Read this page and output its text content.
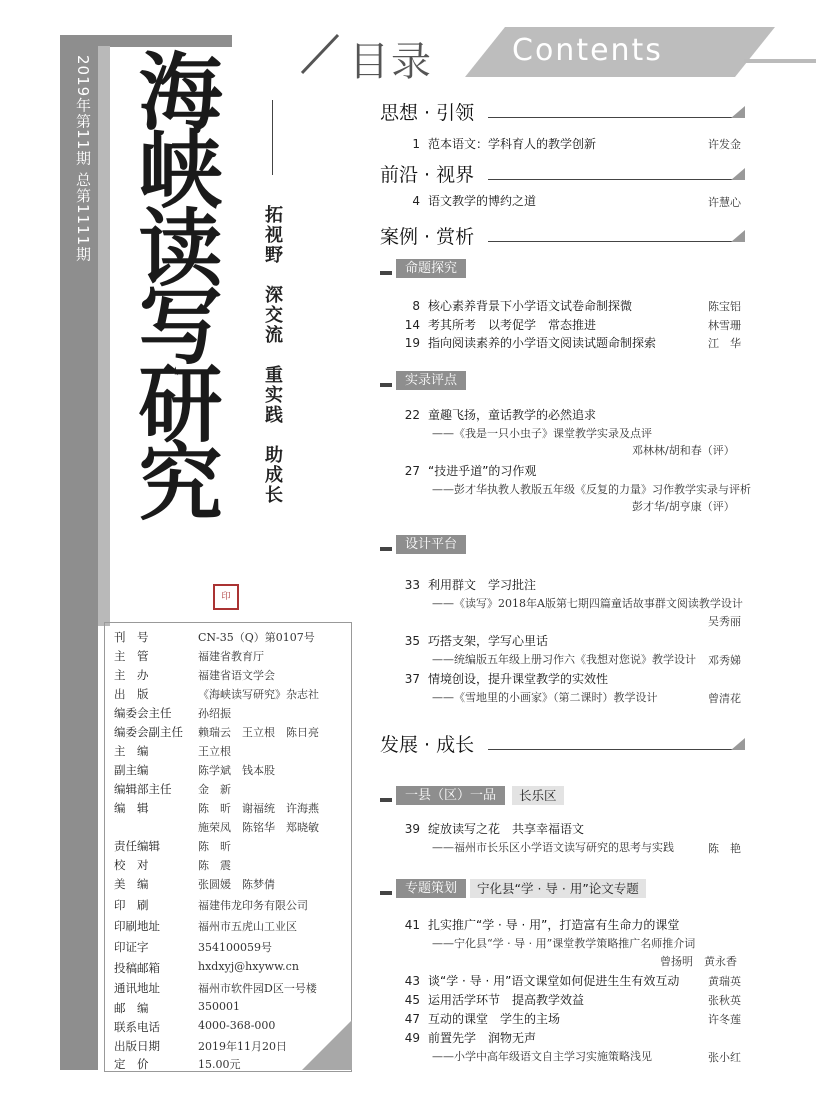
2019年第11期 总第1111期 海峡读写研究
印
拓视野　深交流　重实践　助成长
刊　号	CN-35（Q）第0107号
主　管	福建省教育厅
主　办	福建省语文学会
出　版	《海峡读写研究》杂志社
编委会主任	孙绍振
编委会副主任	赖瑞云　王立根　陈日亮
主　编	王立根
副主编	陈学斌　钱本股
编辑部主任	金　新
编　辑	陈　昕　谢福统　许海燕
施荣凤　陈铭华　郑晓敏
责任编辑	陈　昕
校　对	陈　震
美　编	张圆媛　陈梦倩
印　刷	福建伟龙印务有限公司
印刷地址	福州市五虎山工业区
印证字	354100059号
投稿邮箱	hxdxyj@hxyww.cn
通讯地址	福州市软件园D区一号楼
邮　编	350001
联系电话	4000-368-000
出版日期	2019年11月20日
定　价	15.00元
目录	Contents
思想 · 引领
1 范本语文：学科育人的教学创新	许发金
前沿 · 视界
4 语文教学的博约之道	许慧心
案例 · 赏析
命题探究
8 核心素养背景下小学语文试卷命制探微	陈宝铝
14 考其所考　以考促学　常态推进	林雪珊
19 指向阅读素养的小学语文阅读试题命制探索	江　华
实录评点
22 童趣飞扬，童话教学的必然追求
——《我是一只小虫子》课堂教学实录及点评
邓林林/胡和春（评）
27 “技进乎道”的习作观
——彭才华执教人教版五年级《反复的力量》习作教学实录与评析
彭才华/胡亨康（评）
设计平台
33 利用群文　学习批注
——《读写》2018年A版第七期四篇童话故事群文阅读教学设计
吴秀丽
35 巧搭支架，学写心里话
——统编版五年级上册习作六《我想对您说》教学设计 邓秀娣
37 情境创设，提升课堂教学的实效性
——《雪地里的小画家》（第二课时）教学设计	曾清花
发展 · 成长
一县（区）一品	长乐区
39 绽放读写之花　共享幸福语文
——福州市长乐区小学语文读写研究的思考与实践	陈　艳
专题策划	宁化县“学 · 导 · 用”论文专题
41 扎实推广“学 · 导 · 用”，打造富有生命力的课堂
——宁化县“学 · 导 · 用”课堂教学策略推广名师推介词
曾扬明　黄永香
43 谈“学 · 导 · 用”语文课堂如何促进生生有效互动	黄瑞英
45 运用活学环节　提高教学效益	张秋英
47 互动的课堂　学生的主场	许冬莲
49 前置先学　润物无声
——小学中高年级语文自主学习实施策略浅见	张小红
